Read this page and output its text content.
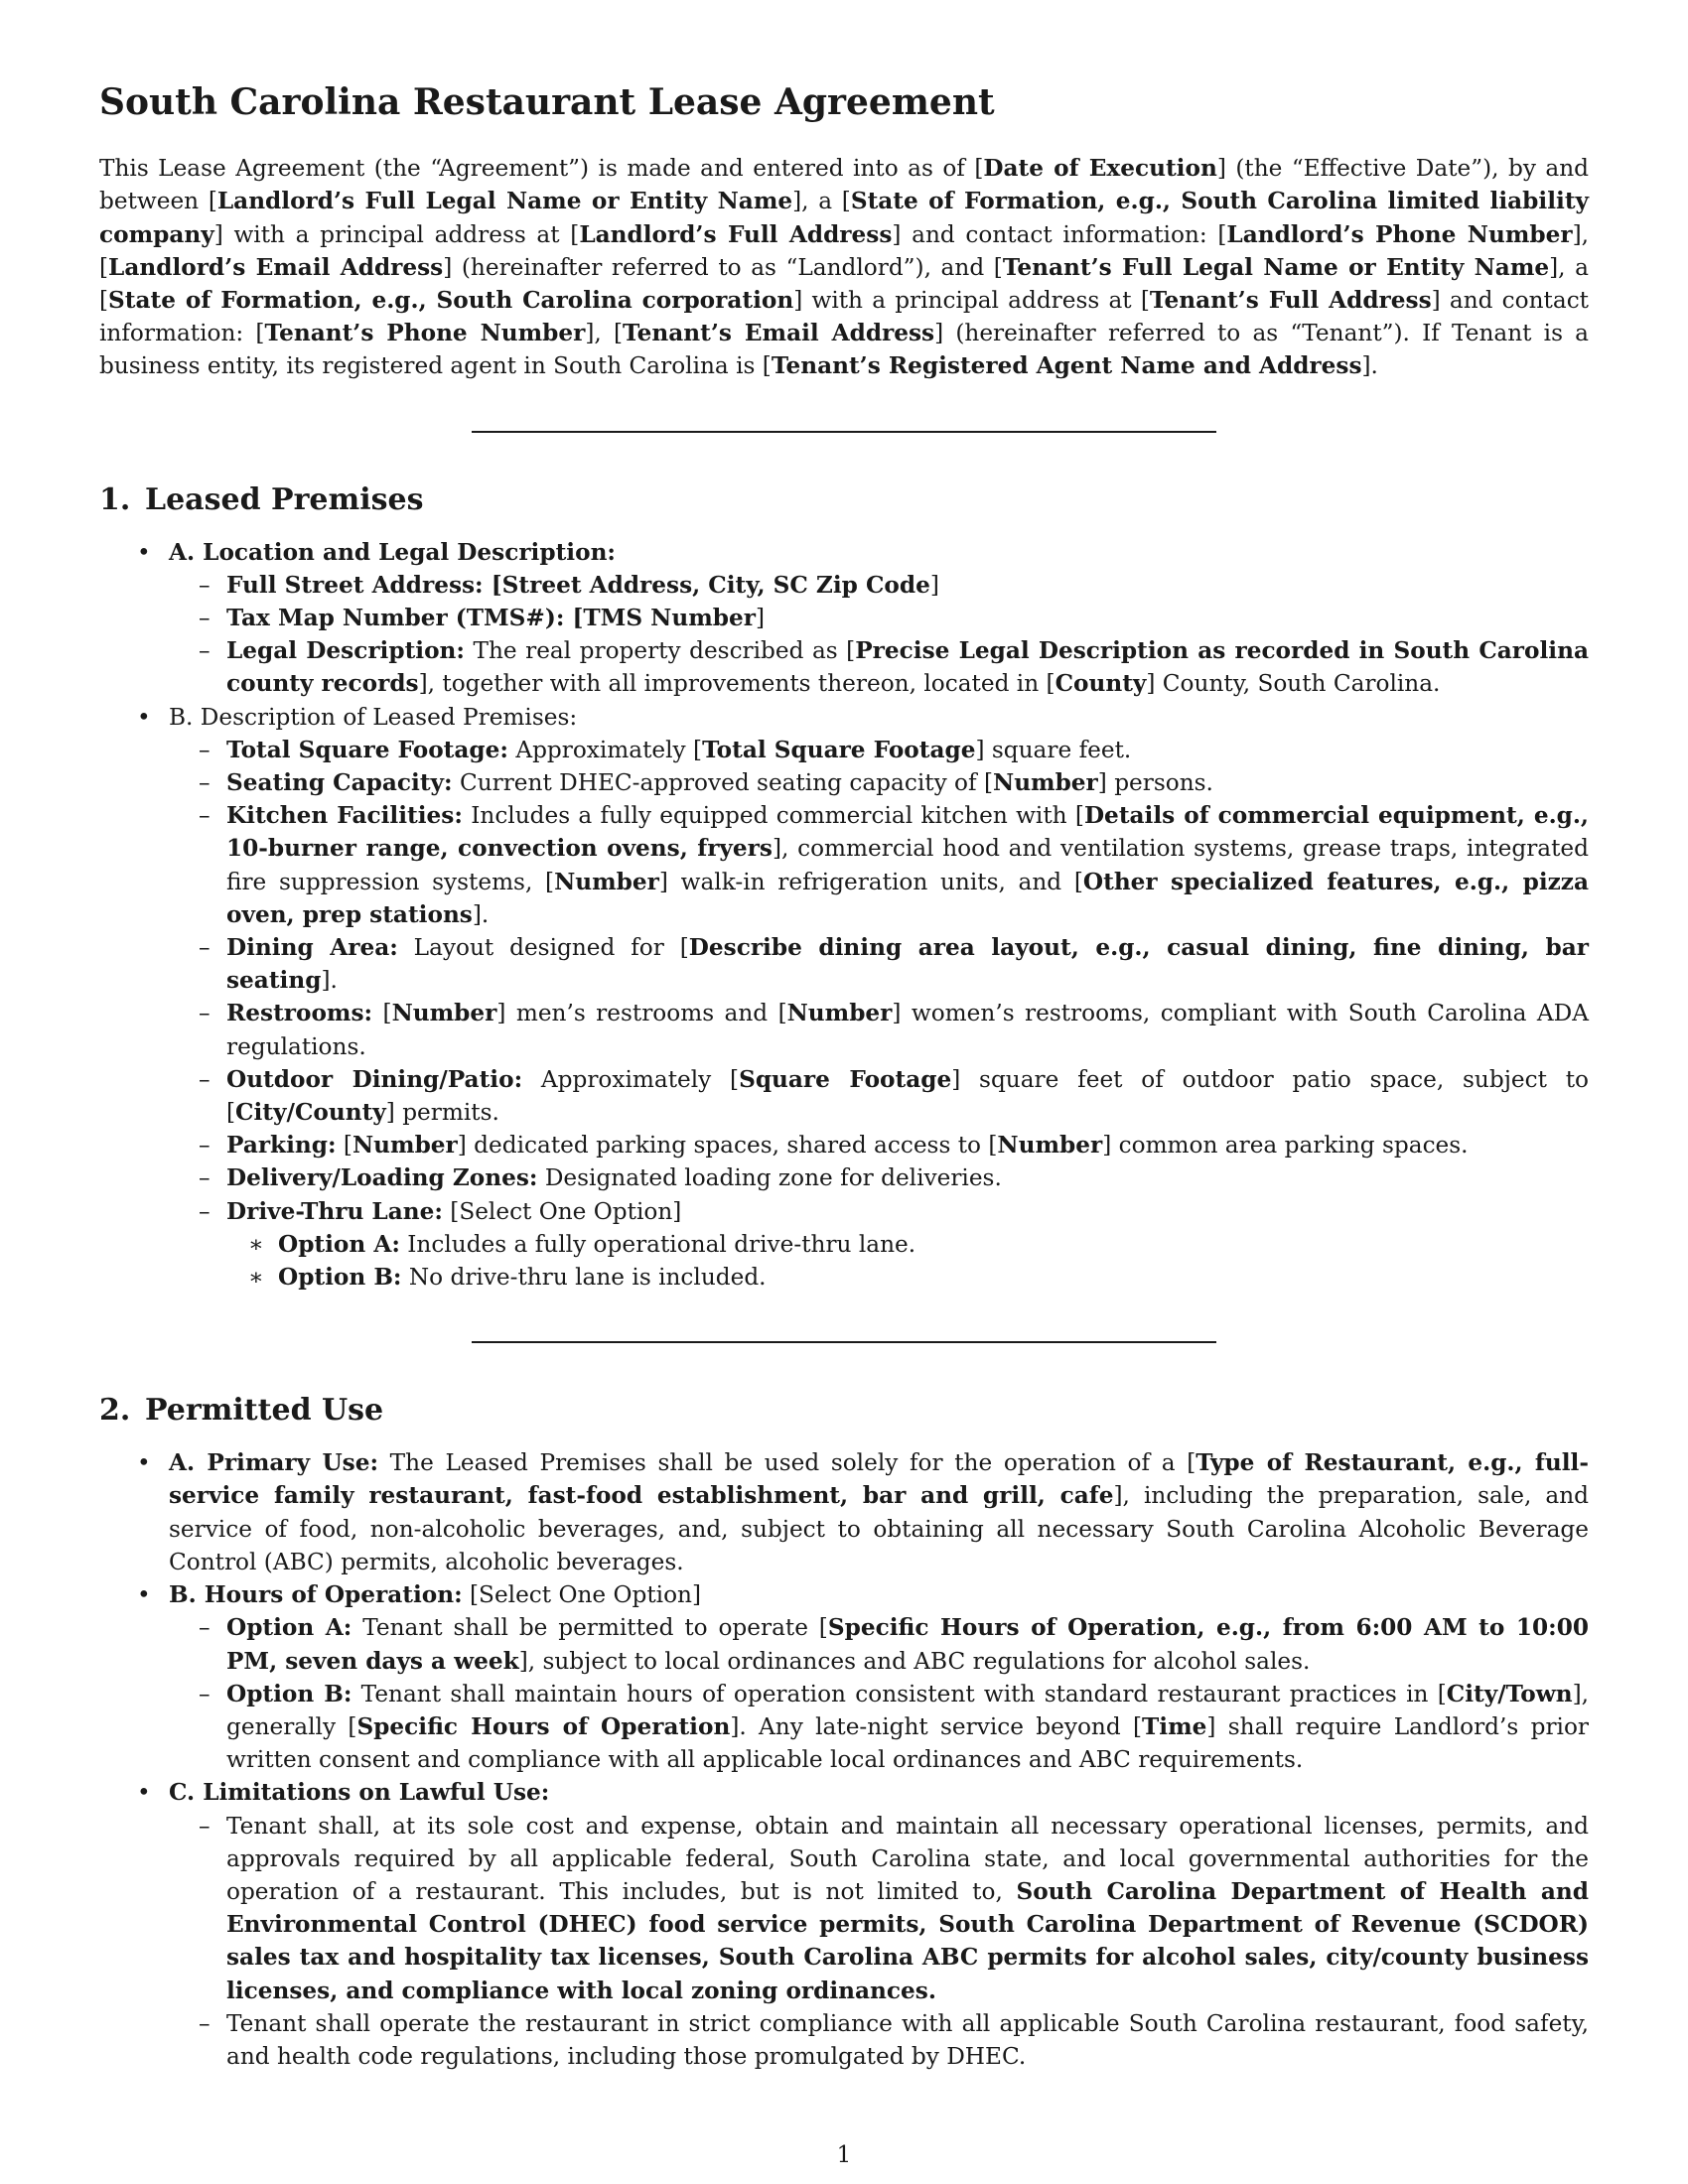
South Carolina Restaurant Lease Agreement

This Lease Agreement (the “Agreement”) is made and entered into as of [Date of Execution] (the “Effective Date”), by and between [Landlord’s Full Legal Name or Entity Name], a [State of Formation, e.g., South Carolina limited liability company] with a principal address at [Landlord’s Full Address] and contact information: [Landlord’s Phone Number], [Landlord’s Email Address] (hereinafter referred to as “Landlord”), and [Tenant’s Full Legal Name or Entity Name], a [State of Formation, e.g., South Carolina corporation] with a principal address at [Tenant’s Full Address] and contact information: [Tenant’s Phone Number], [Tenant’s Email Address] (hereinafter referred to as “Tenant”). If Tenant is a business entity, its registered agent in South Carolina is [Tenant’s Registered Agent Name and Address].

1. Leased Premises
• A. Location and Legal Description:
– Full Street Address: [Street Address, City, SC Zip Code]
– Tax Map Number (TMS#): [TMS Number]
– Legal Description: The real property described as [Precise Legal Description as recorded in South Carolina county records], together with all improvements thereon, located in [County] County, South Carolina.
• B. Description of Leased Premises:
– Total Square Footage: Approximately [Total Square Footage] square feet.
– Seating Capacity: Current DHEC-approved seating capacity of [Number] persons.
– Kitchen Facilities: Includes a fully equipped commercial kitchen with [Details of commercial equipment, e.g., 10-burner range, convection ovens, fryers], commercial hood and ventilation systems, grease traps, integrated fire suppression systems, [Number] walk-in refrigeration units, and [Other specialized features, e.g., pizza oven, prep stations].
– Dining Area: Layout designed for [Describe dining area layout, e.g., casual dining, fine dining, bar seating].
– Restrooms: [Number] men’s restrooms and [Number] women’s restrooms, compliant with South Carolina ADA regulations.
– Outdoor Dining/Patio: Approximately [Square Footage] square feet of outdoor patio space, subject to [City/County] permits.
– Parking: [Number] dedicated parking spaces, shared access to [Number] common area parking spaces.
– Delivery/Loading Zones: Designated loading zone for deliveries.
– Drive-Thru Lane: [Select One Option]
∗ Option A: Includes a fully operational drive-thru lane.
∗ Option B: No drive-thru lane is included.
2. Permitted Use
• A. Primary Use: The Leased Premises shall be used solely for the operation of a [Type of Restaurant, e.g., full-service family restaurant, fast-food establishment, bar and grill, cafe], including the preparation, sale, and service of food, non-alcoholic beverages, and, subject to obtaining all necessary South Carolina Alcoholic Beverage Control (ABC) permits, alcoholic beverages.
• B. Hours of Operation: [Select One Option]
– Option A: Tenant shall be permitted to operate [Specific Hours of Operation, e.g., from 6:00 AM to 10:00 PM, seven days a week], subject to local ordinances and ABC regulations for alcohol sales.
– Option B: Tenant shall maintain hours of operation consistent with standard restaurant practices in [City/Town], generally [Specific Hours of Operation]. Any late-night service beyond [Time] shall require Landlord’s prior written consent and compliance with all applicable local ordinances and ABC requirements.
• C. Limitations on Lawful Use:
– Tenant shall, at its sole cost and expense, obtain and maintain all necessary operational licenses, permits, and approvals required by all applicable federal, South Carolina state, and local governmental authorities for the operation of a restaurant. This includes, but is not limited to, South Carolina Department of Health and Environmental Control (DHEC) food service permits, South Carolina Department of Revenue (SCDOR) sales tax and hospitality tax licenses, South Carolina ABC permits for alcohol sales, city/county business licenses, and compliance with local zoning ordinances.
– Tenant shall operate the restaurant in strict compliance with all applicable South Carolina restaurant, food safety, and health code regulations, including those promulgated by DHEC.
1
